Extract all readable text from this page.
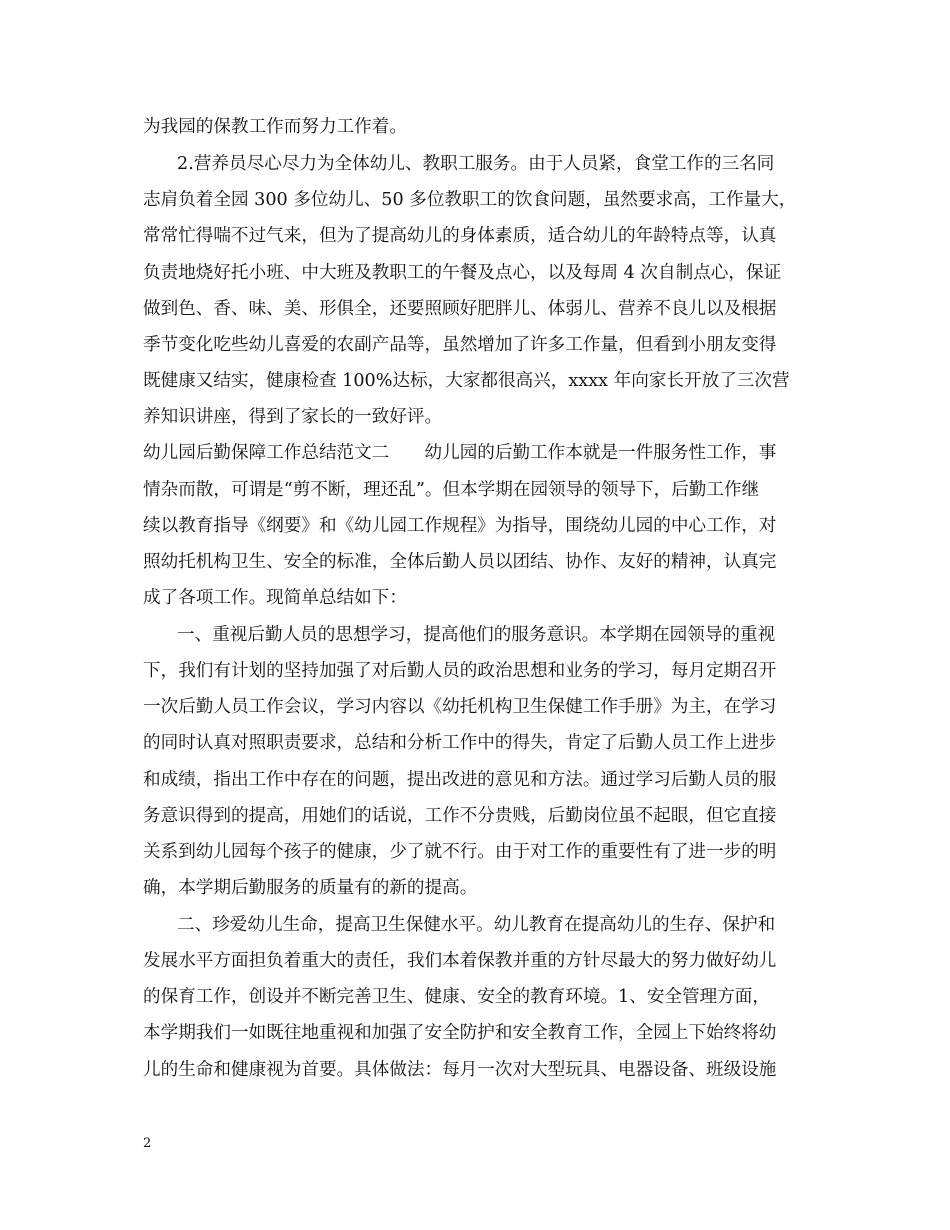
为我园的保教工作而努力工作着。
2.营养员尽心尽力为全体幼儿、教职工服务。由于人员紧，食堂工作的三名同
志肩负着全园 300 多位幼儿、50 多位教职工的饮食问题，虽然要求高，工作量大，
常常忙得喘不过气来，但为了提高幼儿的身体素质，适合幼儿的年龄特点等，认真
负责地烧好托小班、中大班及教职工的午餐及点心，以及每周 4 次自制点心，保证
做到色、香、味、美、形俱全，还要照顾好肥胖儿、体弱儿、营养不良儿以及根据
季节变化吃些幼儿喜爱的农副产品等，虽然增加了许多工作量，但看到小朋友变得
既健康又结实，健康检查 100%达标，大家都很高兴，xxxx 年向家长开放了三次营
养知识讲座，得到了家长的一致好评。
幼儿园后勤保障工作总结范文二　　幼儿园的后勤工作本就是一件服务性工作，事
情杂而散，可谓是“剪不断，理还乱”。但本学期在园领导的领导下，后勤工作继
续以教育指导《纲要》和《幼儿园工作规程》为指导，围绕幼儿园的中心工作，对
照幼托机构卫生、安全的标准，全体后勤人员以团结、协作、友好的精神，认真完
成了各项工作。现简单总结如下：
一、重视后勤人员的思想学习，提高他们的服务意识。本学期在园领导的重视
下，我们有计划的坚持加强了对后勤人员的政治思想和业务的学习，每月定期召开
一次后勤人员工作会议，学习内容以《幼托机构卫生保健工作手册》为主，在学习
的同时认真对照职责要求，总结和分析工作中的得失，肯定了后勤人员工作上进步
和成绩，指出工作中存在的问题，提出改进的意见和方法。通过学习后勤人员的服
务意识得到的提高，用她们的话说，工作不分贵贱，后勤岗位虽不起眼，但它直接
关系到幼儿园每个孩子的健康，少了就不行。由于对工作的重要性有了进一步的明
确，本学期后勤服务的质量有的新的提高。
二、珍爱幼儿生命，提高卫生保健水平。幼儿教育在提高幼儿的生存、保护和
发展水平方面担负着重大的责任，我们本着保教并重的方针尽最大的努力做好幼儿
的保育工作，创设并不断完善卫生、健康、安全的教育环境。1、安全管理方面，
本学期我们一如既往地重视和加强了安全防护和安全教育工作，全园上下始终将幼
儿的生命和健康视为首要。具体做法：每月一次对大型玩具、电器设备、班级设施
2
